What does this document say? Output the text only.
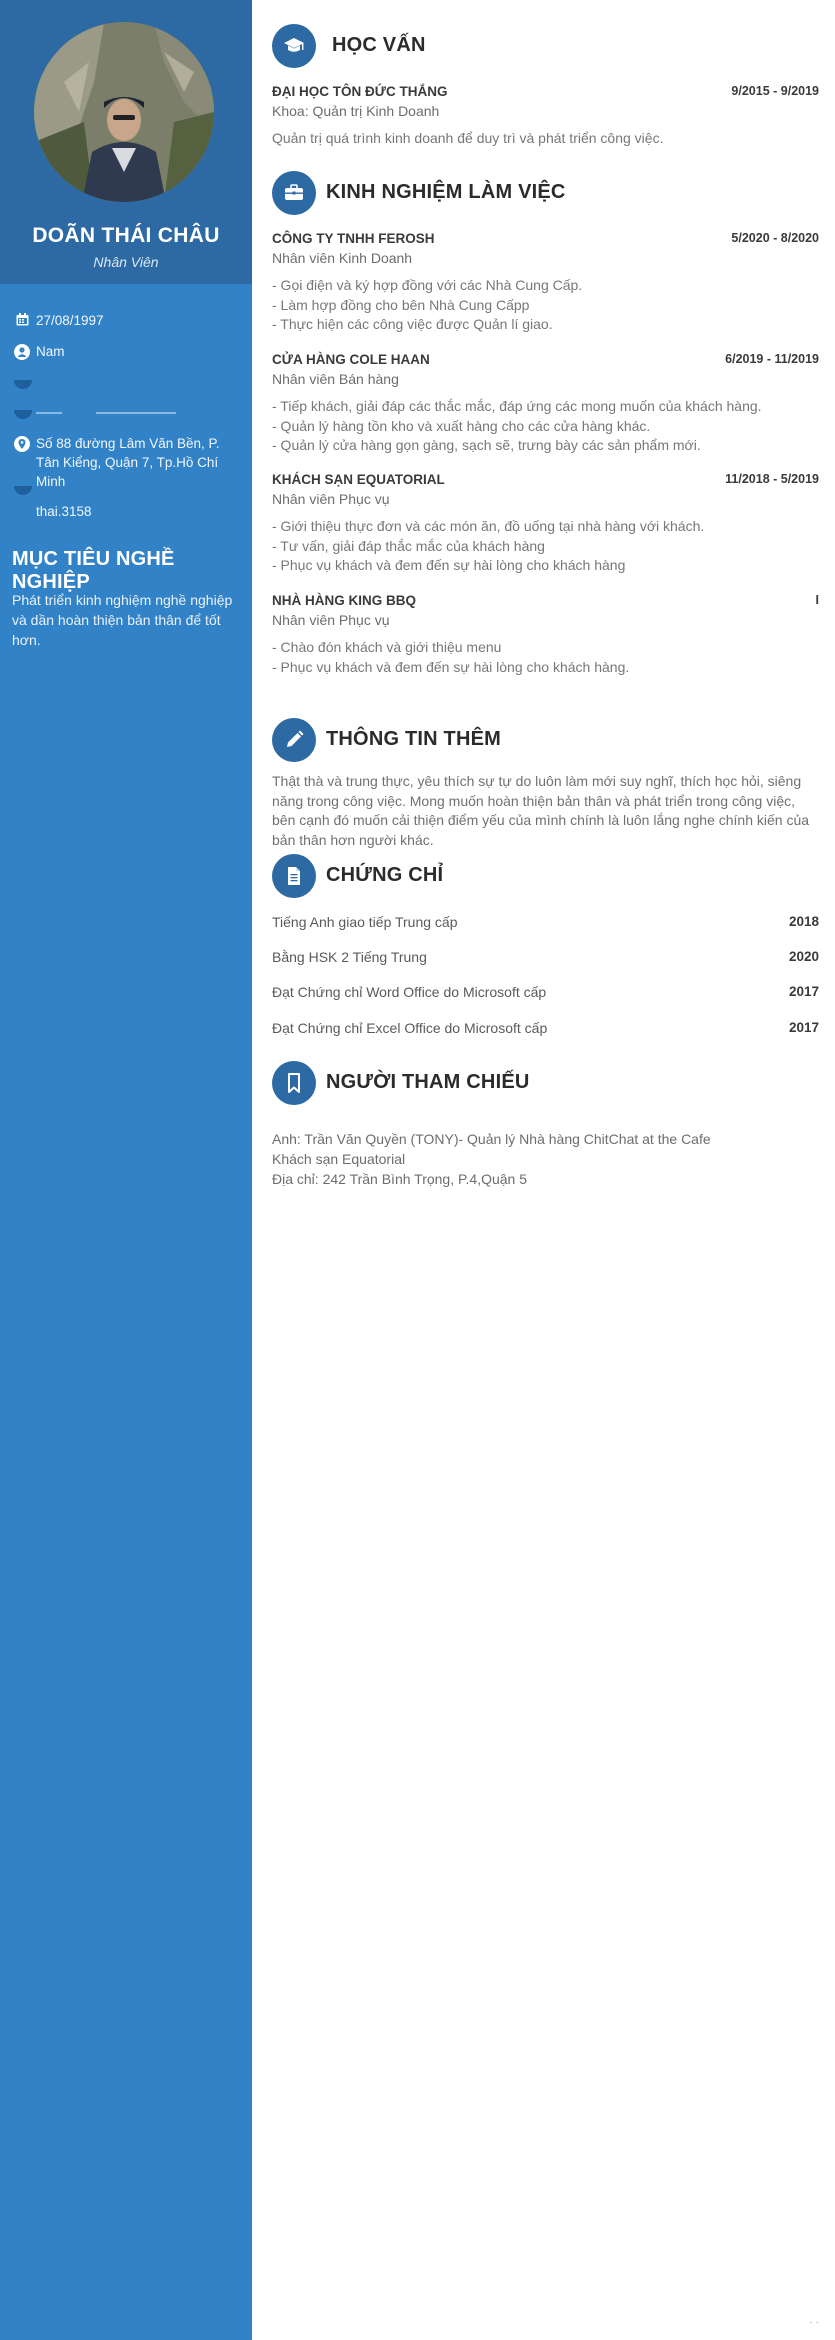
DOÃN THÁI CHÂU
Nhân Viên
27/08/1997
Nam
Số 88 đường Lâm Văn Bền, P. Tân Kiểng, Quận 7, Tp.Hồ Chí Minh
thai.3158
MỤC TIÊU NGHỀ NGHIỆP
Phát triển kinh nghiệm nghề nghiệp và dần hoàn thiện bản thân để tốt hơn.
HỌC VẤN
ĐẠI HỌC TÔN ĐỨC THẮNG	9/2015 - 9/2019
Khoa: Quản trị Kinh Doanh
Quản trị quá trình kinh doanh để duy trì và phát triển công việc.
KINH NGHIỆM LÀM VIỆC
CÔNG TY TNHH FEROSH	5/2020 - 8/2020
Nhân viên Kinh Doanh
- Gọi điện và ký hợp đồng với các Nhà Cung Cấp.
- Làm hợp đồng cho bên Nhà Cung Cấpp
- Thực hiện các công việc được Quản lí giao.
CỬA HÀNG COLE HAAN	6/2019 - 11/2019
Nhân viên Bán hàng
- Tiếp khách, giải đáp các thắc mắc, đáp ứng các mong muốn của khách hàng.
- Quản lý hàng tồn kho và xuất hàng cho các cửa hàng khác.
- Quản lý cửa hàng gọn gàng, sạch sẽ, trưng bày các sản phẩm mới.
KHÁCH SẠN EQUATORIAL	11/2018 - 5/2019
Nhân viên Phục vụ
- Giới thiệu thực đơn và các món ăn, đồ uống tại nhà hàng với khách.
- Tư vấn, giải đáp thắc mắc của khách hàng
- Phục vụ khách và đem đến sự hài lòng cho khách hàng
NHÀ HÀNG KING BBQ	I
Nhân viên Phục vụ
- Chào đón khách và giới thiệu menu
- Phục vụ khách và đem đến sự hài lòng cho khách hàng.
THÔNG TIN THÊM
Thật thà và trung thực, yêu thích sự tự do luôn làm mới suy nghĩ, thích học hỏi, siêng năng trong công việc. Mong muốn hoàn thiện bản thân và phát triển trong công việc, bên cạnh đó muốn cải thiện điểm yếu của mình chính là luôn lắng nghe chính kiến của bản thân hơn người khác.
CHỨNG CHỈ
Tiếng Anh giao tiếp Trung cấp	2018
Bằng HSK 2 Tiếng Trung	2020
Đạt Chứng chỉ Word Office do Microsoft cấp	2017
Đạt Chứng chỉ Excel Office do Microsoft cấp	2017
NGƯỜI THAM CHIẾU
Anh: Trần Văn Quyền (TONY)- Quản lý Nhà hàng ChitChat at the Cafe
Khách sạn Equatorial
Địa chỉ: 242 Trần Bình Trọng, P.4,Quận 5
· ·
